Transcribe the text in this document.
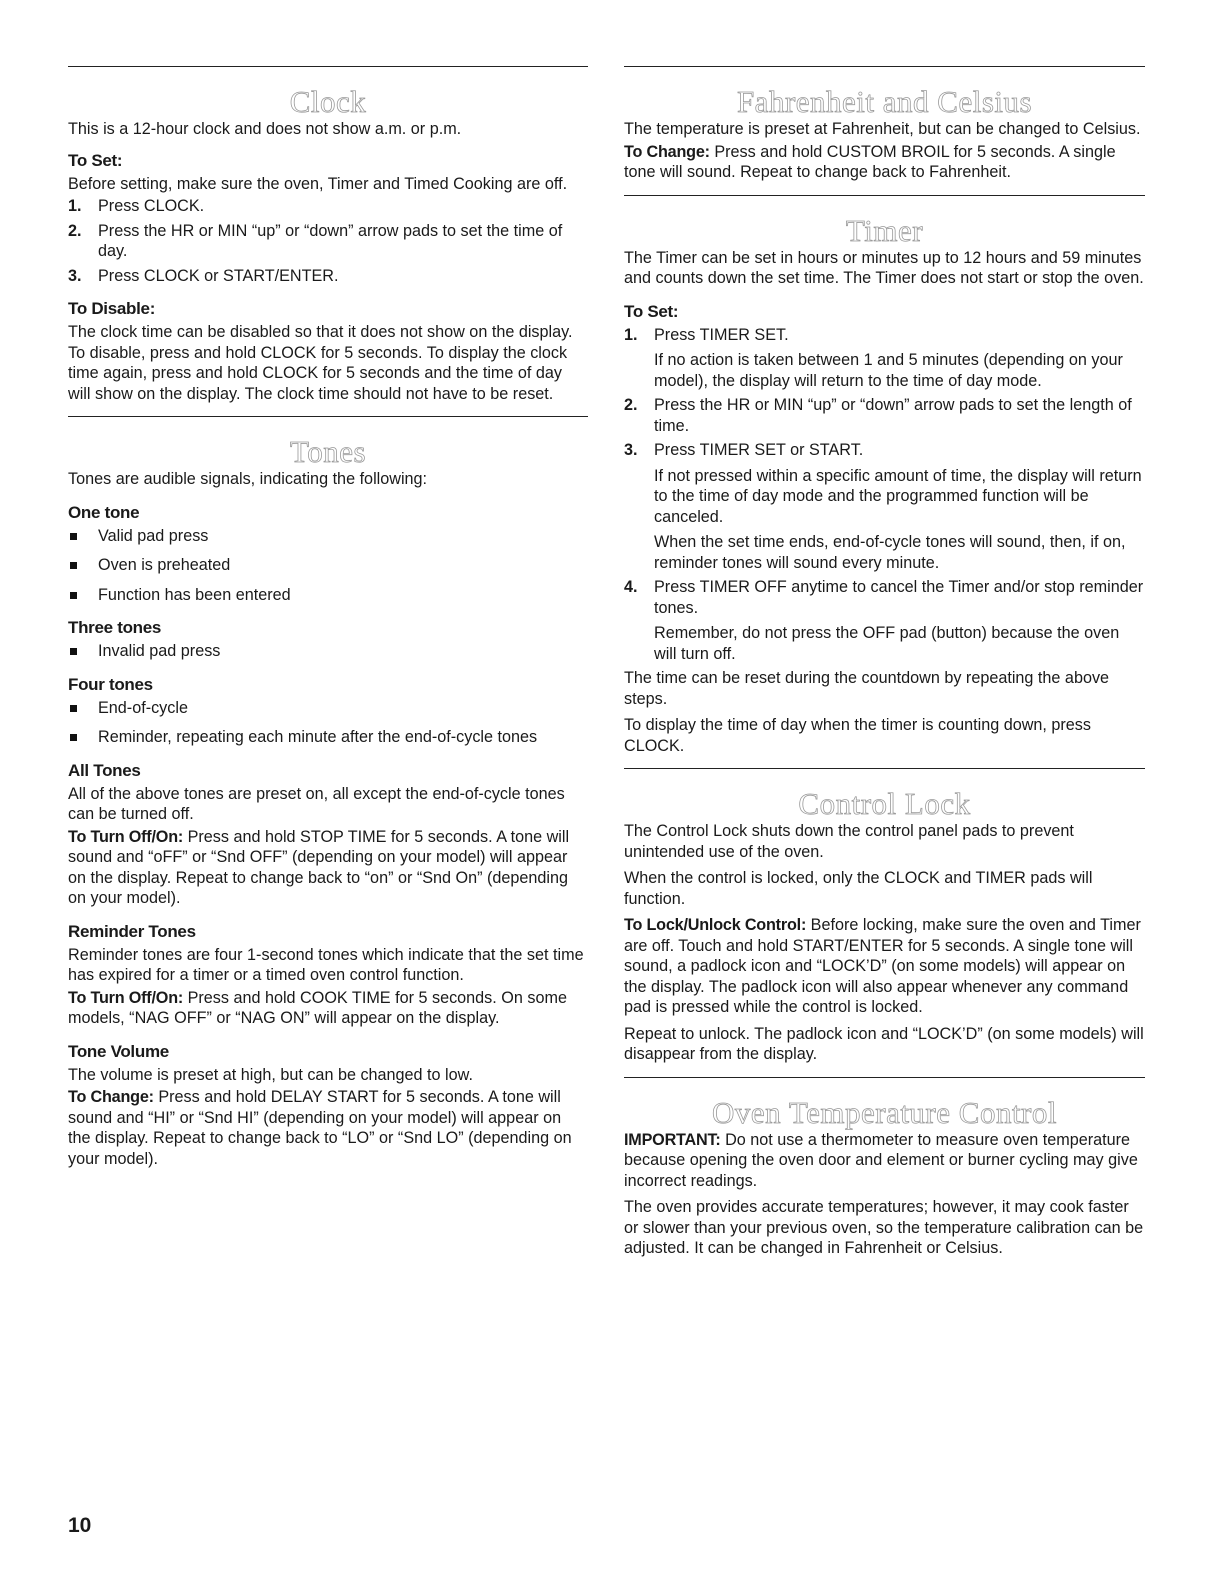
Clock

This is a 12-hour clock and does not show a.m. or p.m.

To Set:

Before setting, make sure the oven, Timer and Timed Cooking are off.

1. Press CLOCK.
2. Press the HR or MIN “up” or “down” arrow pads to set the time of day.
3. Press CLOCK or START/ENTER.
To Disable:

The clock time can be disabled so that it does not show on the display. To disable, press and hold CLOCK for 5 seconds. To display the clock time again, press and hold CLOCK for 5 seconds and the time of day will show on the display. The clock time should not have to be reset.

Tones

Tones are audible signals, indicating the following:

One tone
Valid pad press
Oven is preheated
Function has been entered
Three tones
Invalid pad press
Four tones
End-of-cycle
Reminder, repeating each minute after the end-of-cycle tones
All Tones

All of the above tones are preset on, all except the end-of-cycle tones can be turned off.

To Turn Off/On: Press and hold STOP TIME for 5 seconds. A tone will sound and “oFF” or “Snd OFF” (depending on your model) will appear on the display. Repeat to change back to “on” or “Snd On” (depending on your model).

Reminder Tones

Reminder tones are four 1-second tones which indicate that the set time has expired for a timer or a timed oven control function.

To Turn Off/On: Press and hold COOK TIME for 5 seconds. On some models, “NAG OFF” or “NAG ON” will appear on the display.

Tone Volume

The volume is preset at high, but can be changed to low.

To Change: Press and hold DELAY START for 5 seconds. A tone will sound and “HI” or “Snd HI” (depending on your model) will appear on the display. Repeat to change back to “LO” or “Snd LO” (depending on your model).

Fahrenheit and Celsius

The temperature is preset at Fahrenheit, but can be changed to Celsius.

To Change: Press and hold CUSTOM BROIL for 5 seconds. A single tone will sound. Repeat to change back to Fahrenheit.

Timer

The Timer can be set in hours or minutes up to 12 hours and 59 minutes and counts down the set time. The Timer does not start or stop the oven.

To Set:
1. Press TIMER SET.
If no action is taken between 1 and 5 minutes (depending on your model), the display will return to the time of day mode.
2. Press the HR or MIN “up” or “down” arrow pads to set the length of time.
3. Press TIMER SET or START.
If not pressed within a specific amount of time, the display will return to the time of day mode and the programmed function will be canceled.
When the set time ends, end-of-cycle tones will sound, then, if on, reminder tones will sound every minute.
4. Press TIMER OFF anytime to cancel the Timer and/or stop reminder tones.
Remember, do not press the OFF pad (button) because the oven will turn off.

The time can be reset during the countdown by repeating the above steps.

To display the time of day when the timer is counting down, press CLOCK.

Control Lock

The Control Lock shuts down the control panel pads to prevent unintended use of the oven.

When the control is locked, only the CLOCK and TIMER pads will function.

To Lock/Unlock Control: Before locking, make sure the oven and Timer are off. Touch and hold START/ENTER for 5 seconds. A single tone will sound, a padlock icon and “LOCK’D” (on some models) will appear on the display. The padlock icon will also appear whenever any command pad is pressed while the control is locked.

Repeat to unlock. The padlock icon and “LOCK’D” (on some models) will disappear from the display.

Oven Temperature Control

IMPORTANT: Do not use a thermometer to measure oven temperature because opening the oven door and element or burner cycling may give incorrect readings.

The oven provides accurate temperatures; however, it may cook faster or slower than your previous oven, so the temperature calibration can be adjusted. It can be changed in Fahrenheit or Celsius.

10
